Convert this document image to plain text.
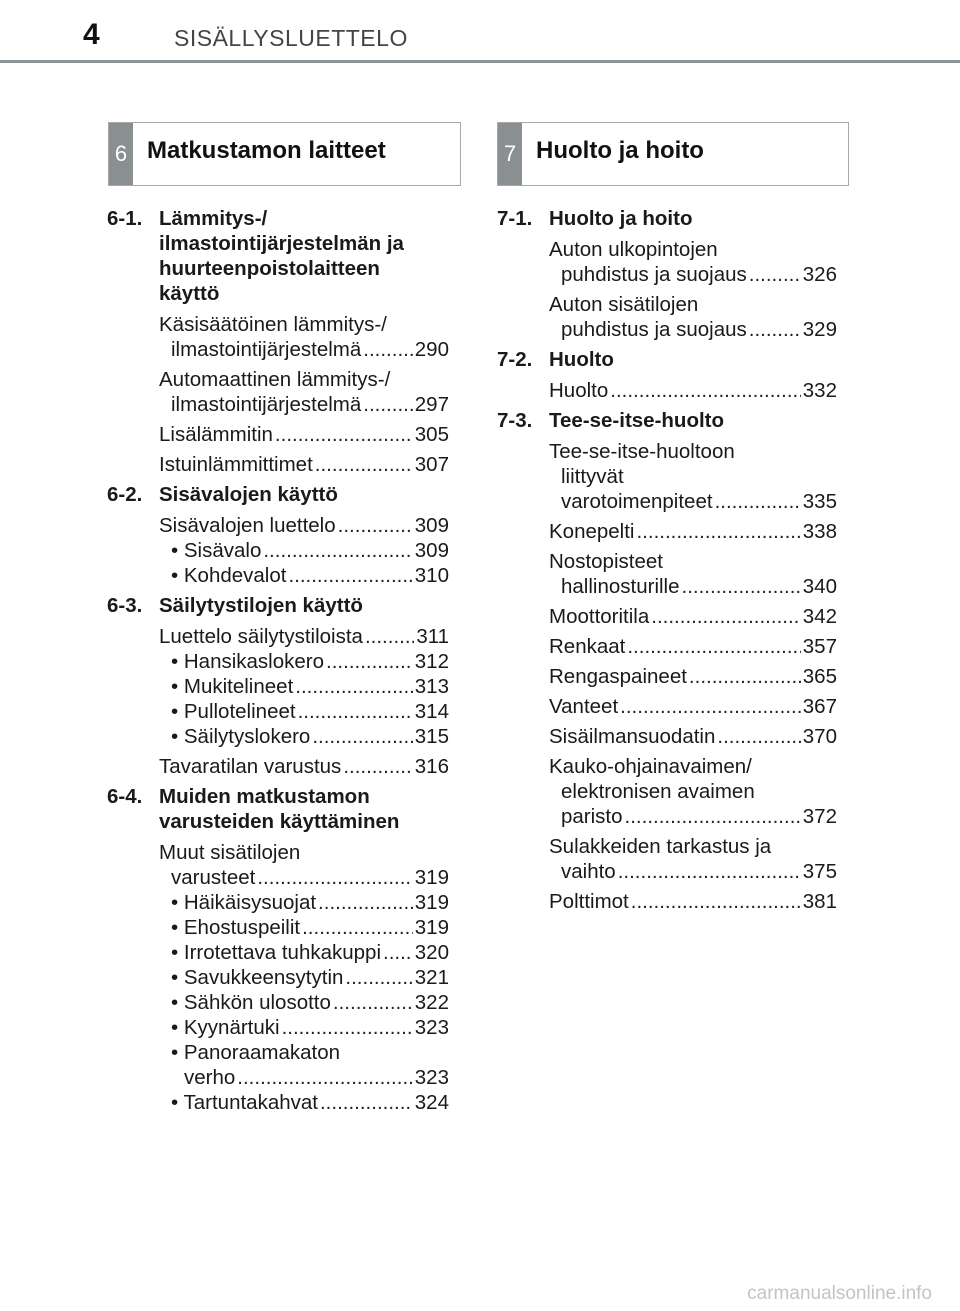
4	SISÄLLYSLUETTELO
6 Matkustamon laitteet	7 Huolto ja hoito
6-1. Lämmitys-/
ilmastointijärjestelmän ja
huurteenpoistolaitteen
käyttö
Käsisäätöinen lämmitys-/
ilmastointijärjestelmä .....	290
Automaattinen lämmitys-/
ilmastointijärjestelmä .....	297
Lisälämmitin .....	305
Istuinlämmittimet .....	307
6-2. Sisävalojen käyttö
Sisävalojen luettelo .....	309
• Sisävalo .....	309
• Kohdevalot .....	310
6-3. Säilytystilojen käyttö
Luettelo säilytystiloista .....	311
• Hansikaslokero .....	312
• Mukitelineet .....	313
• Pullotelineet .....	314
• Säilytyslokero .....	315
Tavaratilan varustus .....	316
6-4. Muiden matkustamon
varusteiden käyttäminen
Muut sisätilojen
varusteet .....	319
• Häikäisysuojat .....	319
• Ehostuspeilit .....	319
• Irrotettava tuhkakuppi ..... 320
• Savukkeensytytin .....	321
• Sähkön ulosotto .....	322
• Kyynärtuki .....	323
• Panoraamakaton
verho .....	323
• Tartuntakahvat .....	324
7-1. Huolto ja hoito
Auton ulkopintojen
puhdistus ja suojaus .....	326
Auton sisätilojen
puhdistus ja suojaus .....	329
7-2. Huolto
Huolto .....	332
7-3. Tee-se-itse-huolto
Tee-se-itse-huoltoon
liittyvät
varotoimenpiteet .....	335
Konepelti .....	338
Nostopisteet
hallinosturille .....	340
Moottoritila .....	342
Renkaat .....	357
Rengaspaineet .....	365
Vanteet .....	367
Sisäilmansuodatin .....	370
Kauko-ohjainavaimen/
elektronisen avaimen
paristo .....	372
Sulakkeiden tarkastus ja
vaihto .....	375
Polttimot .....	381
carmanualsonline.info
